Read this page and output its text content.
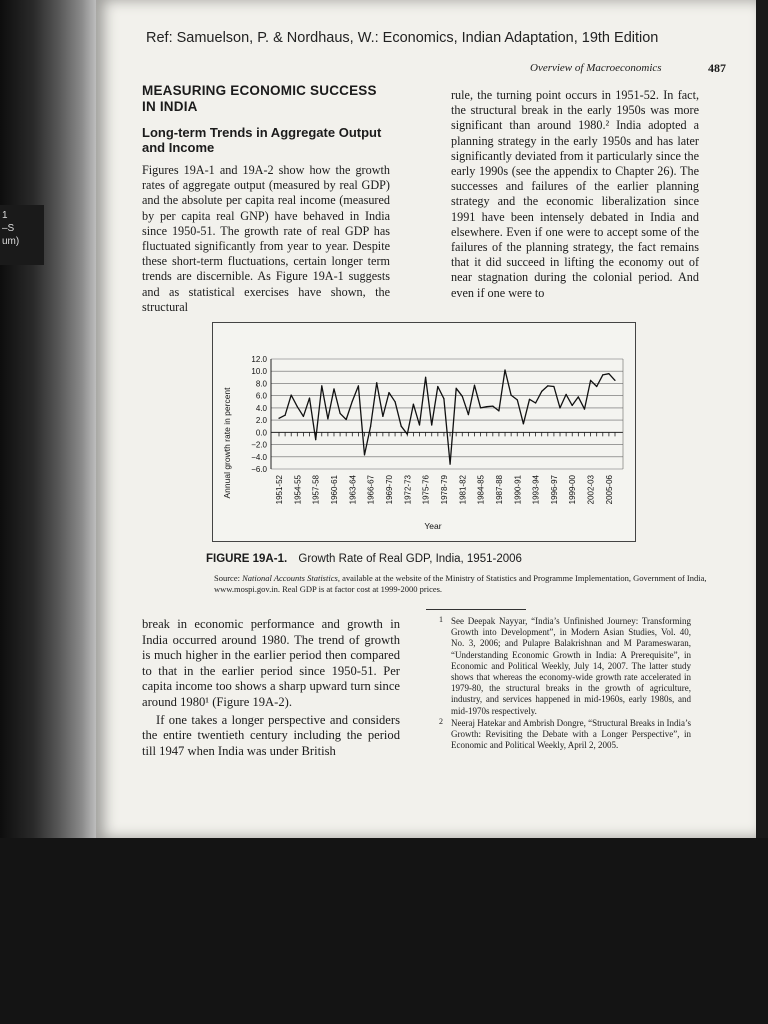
1
–S
um)
Ref: Samuelson, P. & Nordhaus, W.: Economics, Indian Adaptation, 19th Edition
Overview of Macroeconomics	487
MEASURING ECONOMIC SUCCESS IN INDIA
Long-term Trends in Aggregate Output and Income

Figures 19A-1 and 19A-2 show how the growth rates of aggregate output (measured by real GDP) and the absolute per capita real income (measured by per capita real GNP) have behaved in India since 1950-51. The growth rate of real GDP has fluctuated significantly from year to year. Despite these short-term fluctuations, certain longer term trends are discernible. As Figure 19A-1 suggests and as statistical exercises have shown, the structural

rule, the turning point occurs in 1951-52. In fact, the structural break in the early 1950s was more significant than around 1980.² India adopted a planning strategy in the early 1950s and has later significantly deviated from it particularly since the early 1990s (see the appendix to Chapter 26). The successes and failures of the earlier planning strategy and the economic liberalization since 1991 have been intensely debated in India and elsewhere. Even if one were to accept some of the failures of the planning strategy, the fact remains that it did succeed in lifting the economy out of near stagnation during the colonial period. And even if one were to

12.0
10.0
8.0
6.0
4.0
2.0
0.0
−2.0
−4.0
−6.0
1951-52 1954-55 1957-58 1960-61 1963-64 1966-67 1969-70 1972-73 1975-76 1978-79 1981-82 1984-85 1987-88 1990-91 1993-94 1996-97 1999-00 2002-03 2005-06
Annual growth rate in percent
Year
FIGURE 19A-1. Growth Rate of Real GDP, India, 1951-2006
Source: National Accounts Statistics, available at the website of the Ministry of Statistics and Programme Implementation, Government of India, www.mospi.gov.in. Real GDP is at factor cost at 1999-2000 prices.

break in economic performance and growth in India occurred around 1980. The trend of growth is much higher in the earlier period then compared to that in the earlier period since 1950-51. Per capita income too shows a sharp upward turn since around 1980¹ (Figure 19A-2).

If one takes a longer perspective and considers the entire twentieth century including the period till 1947 when India was under British

1 See Deepak Nayyar, “India’s Unfinished Journey: Transforming Growth into Development”, in Modern Asian Studies, Vol. 40, No. 3, 2006; and Pulapre Balakrishnan and M Parameswaran, “Understanding Economic Growth in India: A Prerequisite”, in Economic and Political Weekly, July 14, 2007. The latter study shows that whereas the economy-wide growth rate accelerated in 1979-80, the structural breaks in the growth of agriculture, industry, and services happened in mid-1960s, early 1980s, and mid-1970s respectively.
2 Neeraj Hatekar and Ambrish Dongre, “Structural Breaks in India’s Growth: Revisiting the Debate with a Longer Perspective”, in Economic and Political Weekly, April 2, 2005.
